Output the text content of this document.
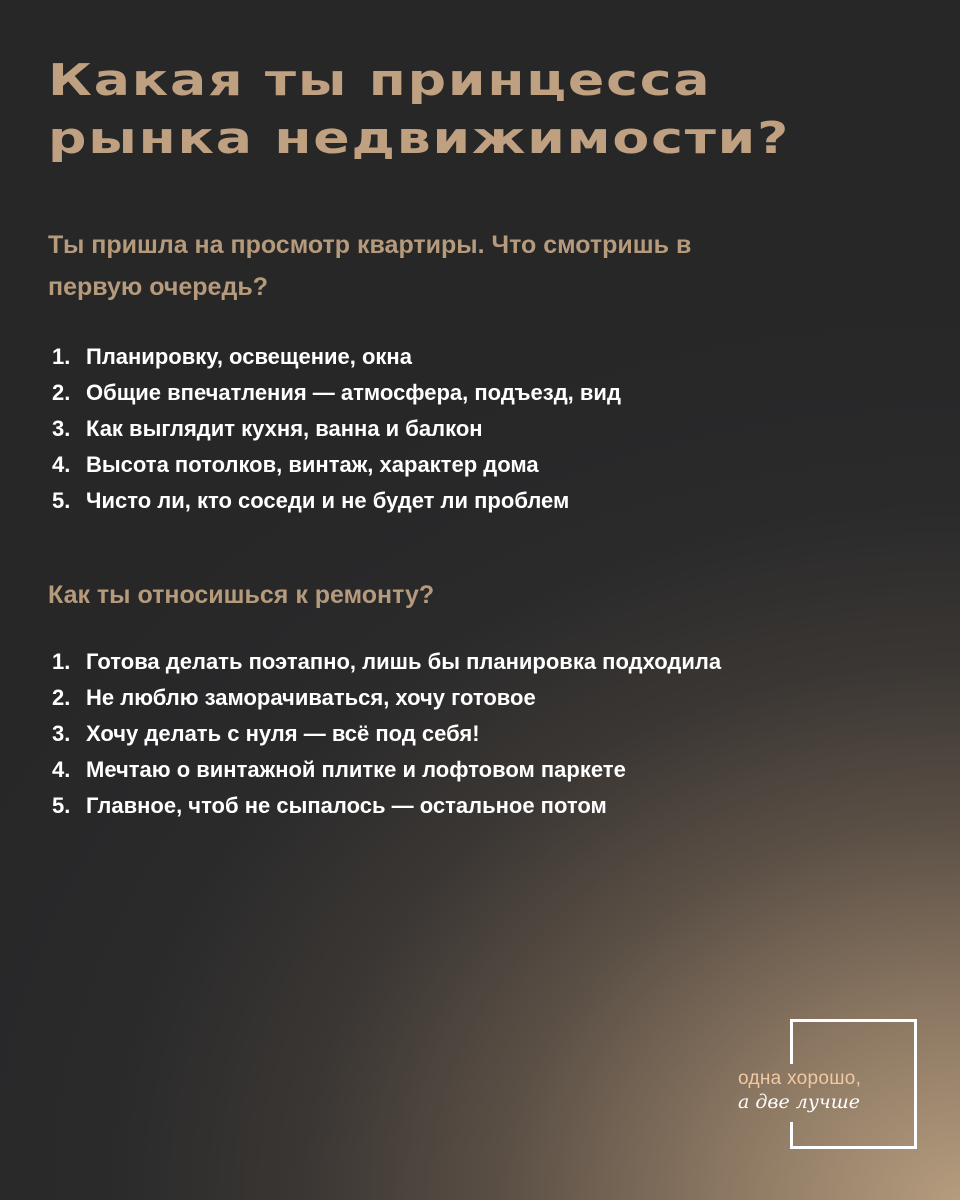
Какая ты принцесса
рынка недвижимости?
Ты пришла на просмотр квартиры. Что смотришь в
первую очередь?
1. Планировку, освещение, окна
2. Общие впечатления — атмосфера, подъезд, вид
3. Как выглядит кухня, ванна и балкон
4. Высота потолков, винтаж, характер дома
5. Чисто ли, кто соседи и не будет ли проблем
Как ты относишься к ремонту?
1. Готова делать поэтапно, лишь бы планировка подходила
2. Не люблю заморачиваться, хочу готовое
3. Хочу делать с нуля — всё под себя!
4. Мечтаю о винтажной плитке и лофтовом паркете
5. Главное, чтоб не сыпалось — остальное потом
одна хорошо,
а две лучше
